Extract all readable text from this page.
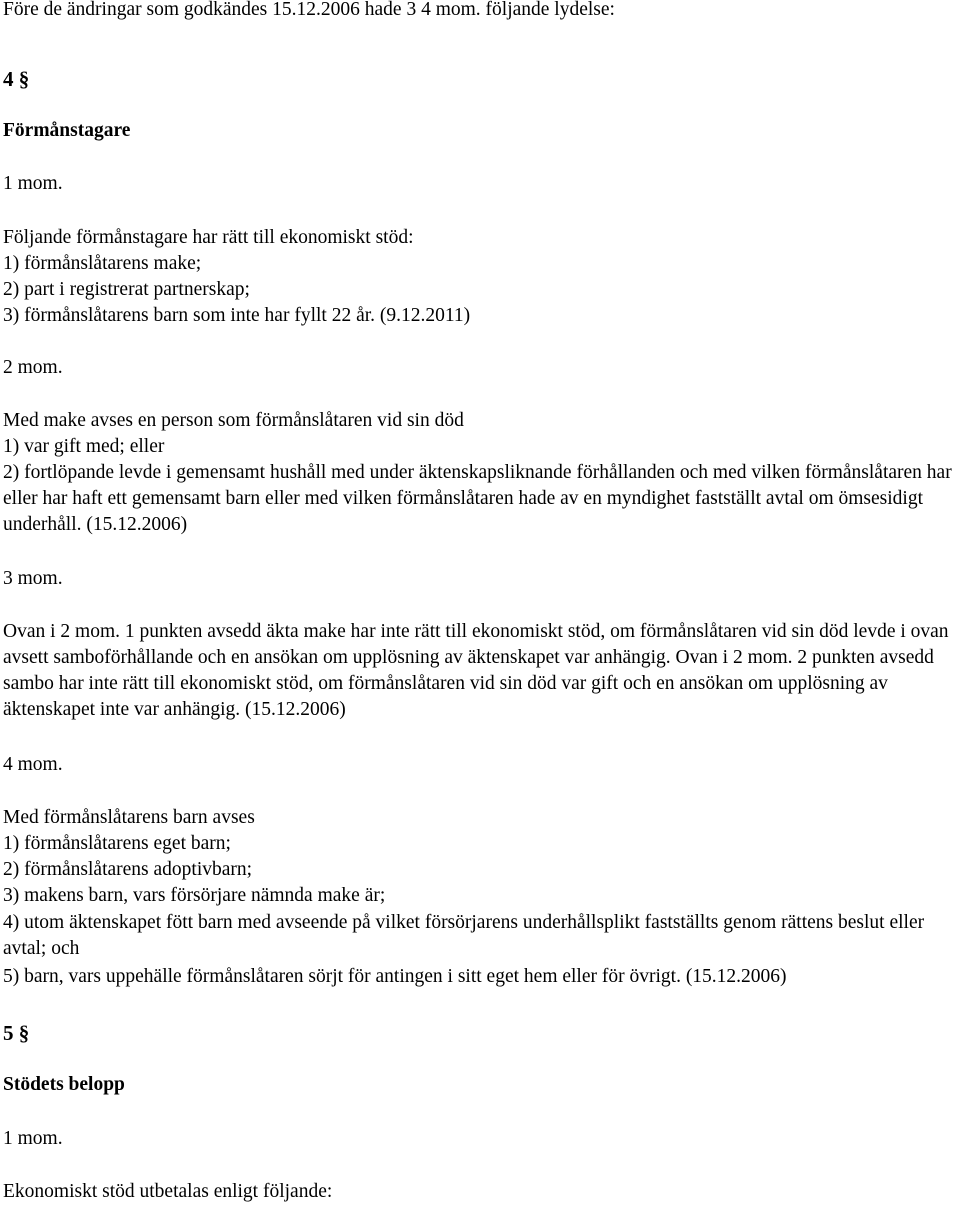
Före de ändringar som godkändes 15.12.2006 hade 3 4 mom. följande lydelse:
4 §
Förmånstagare
1 mom.
Följande förmånstagare har rätt till ekonomiskt stöd:
1) förmånslåtarens make;
2) part i registrerat partnerskap;
3) förmånslåtarens barn som inte har fyllt 22 år. (9.12.2011)
2 mom.
Med make avses en person som förmånslåtaren vid sin död
1) var gift med; eller
2) fortlöpande levde i gemensamt hushåll med under äktenskapsliknande förhållanden och med vilken förmånslåtaren har eller har haft ett gemensamt barn eller med vilken förmånslåtaren hade av en myndighet fastställt avtal om ömsesidigt underhåll. (15.12.2006)
3 mom.
Ovan i 2 mom. 1 punkten avsedd äkta make har inte rätt till ekonomiskt stöd, om förmånslåtaren vid sin död levde i ovan avsett samboförhållande och en ansökan om upplösning av äktenskapet var anhängig. Ovan i 2 mom. 2 punkten avsedd sambo har inte rätt till ekonomiskt stöd, om förmånslåtaren vid sin död var gift och en ansökan om upplösning av äktenskapet inte var anhängig. (15.12.2006)
4 mom.
Med förmånslåtarens barn avses
1) förmånslåtarens eget barn;
2) förmånslåtarens adoptivbarn;
3) makens barn, vars försörjare nämnda make är;
4) utom äktenskapet fött barn med avseende på vilket försörjarens underhållsplikt fastställts genom rättens beslut eller avtal; och
5) barn, vars uppehälle förmånslåtaren sörjt för antingen i sitt eget hem eller för övrigt. (15.12.2006)
5 §
Stödets belopp
1 mom.
Ekonomiskt stöd utbetalas enligt följande:
